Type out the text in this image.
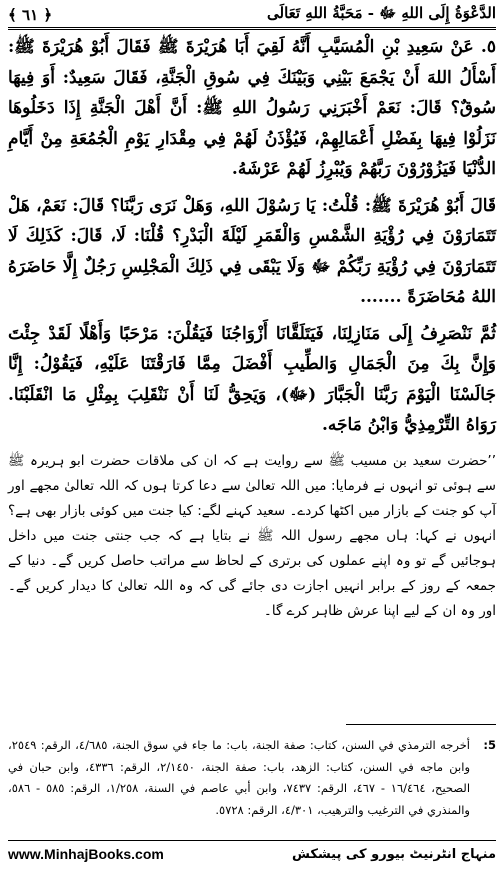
الدَّعْوَةُ إِلَى اللهِ ﷻ - مَحَبَّةُ اللهِ تَعَالَى
﴿ ٦١ ﴾

٥. عَنْ سَعِيدِ بْنِ الْمُسَيَّبِ أَنَّهُ لَقِيَ أَبَا هُرَيْرَةَ ﷺ فَقَالَ أَبُوْ هُرَيْرَةَ ﷺ: أَسْأَلُ اللهَ أَنْ يَجْمَعَ بَيْنِي وَبَيْنَكَ فِي سُوقِ الْجَنَّةِ، فَقَالَ سَعِيدٌ: أَوَ فِيهَا سُوقٌ؟ قَالَ: نَعَمْ أَخْبَرَنِي رَسُولُ اللهِ ﷺ: أَنَّ أَهْلَ الْجَنَّةِ إِذَا دَخَلُوهَا نَزَلُوْا فِيهَا بِفَضْلِ أَعْمَالِهِمْ، فَيُؤْذَنُ لَهُمْ فِي مِقْدَارِ يَوْمِ الْجُمُعَةِ مِنْ أَيَّامِ الدُّنْيَا فَيَزُوْرُوْنَ رَبَّهُمْ وَيُبْرِزُ لَهُمْ عَرْشَهُ.

قَالَ أَبُوْ هُرَيْرَةَ ﷺ: قُلْتُ: يَا رَسُوْلَ اللهِ، وَهَلْ نَرَى رَبَّنَا؟ قَالَ: نَعَمْ، هَلْ تَتَمَارَوْنَ فِي رُؤْيَةِ الشَّمْسِ وَالْقَمَرِ لَيْلَةَ الْبَدْرِ؟ قُلْنَا: لَا، قَالَ: كَذَلِكَ لَا تَتَمَارَوْنَ فِي رُؤْيَةِ رَبِّكُمْ ﷻ وَلَا يَبْقَى فِي ذَلِكَ الْمَجْلِسِ رَجُلٌ إِلَّا حَاضَرَهُ اللهُ مُحَاضَرَةً .......

ثُمَّ نَنْصَرِفُ إِلَى مَنَازِلِنَا، فَيَتَلَقَّانَا أَزْوَاجُنَا فَيَقُلْنَ: مَرْحَبًا وَأَهْلًا لَقَدْ جِئْتَ وَإِنَّ بِكَ مِنَ الْجَمَالِ وَالطِّيبِ أَفْضَلَ مِمَّا فَارَقْتَنَا عَلَيْهِ، فَيَقُوْلُ: إِنَّا جَالَسْنَا الْيَوْمَ رَبَّنَا الْجَبَّارَ (ﷻ)، وَيَحِقُّ لَنَا أَنْ نَنْقَلِبَ بِمِثْلِ مَا انْقَلَبْنَا. رَوَاهُ التِّرْمِذِيُّ وَابْنُ مَاجَه.

’’حضرت سعید بن مسیب ﷺ سے روایت ہے کہ ان کی ملاقات حضرت ابو ہریرہ ﷺ سے ہوئی تو انہوں نے فرمایا: میں اللہ تعالیٰ سے دعا کرتا ہوں کہ اللہ تعالیٰ مجھے اور آپ کو جنت کے بازار میں اکٹھا کردے۔ سعید کہنے لگے: کیا جنت میں کوئی بازار بھی ہے؟ انہوں نے کہا: ہاں مجھے رسول اللہ ﷺ نے بتایا ہے کہ جب جنتی جنت میں داخل ہوجائیں گے تو وہ اپنے عملوں کی برتری کے لحاظ سے مراتب حاصل کریں گے۔ دنیا کے جمعہ کے روز کے برابر انہیں اجازت دی جائے گی کہ وہ اللہ تعالیٰ کا دیدار کریں گے۔ اور وہ ان کے لیے اپنا عرش ظاہر کرے گا۔

5:
أخرجه الترمذي في السنن، كتاب: صفة الجنة، باب: ما جاء في سوق الجنة، ٤/٦٨٥، الرقم: ٢٥٤٩، وابن ماجه في السنن، كتاب: الزهد، باب: صفة الجنة، ٢/١٤٥٠، الرقم: ٤٣٣٦، وابن حبان في الصحيح، ١٦/٤٦٤ - ٤٦٧، الرقم: ٧٤٣٧، وابن أبي عاصم في السنة، ١/٢٥٨، الرقم: ٥٨٥ - ٥٨٦، والمنذري في الترغيب والترهيب، ٤/٣٠١، الرقم: ٥٧٢٨.
www.MinhajBooks.com	منہاج انٹرنیٹ بیورو کی پیشکش
